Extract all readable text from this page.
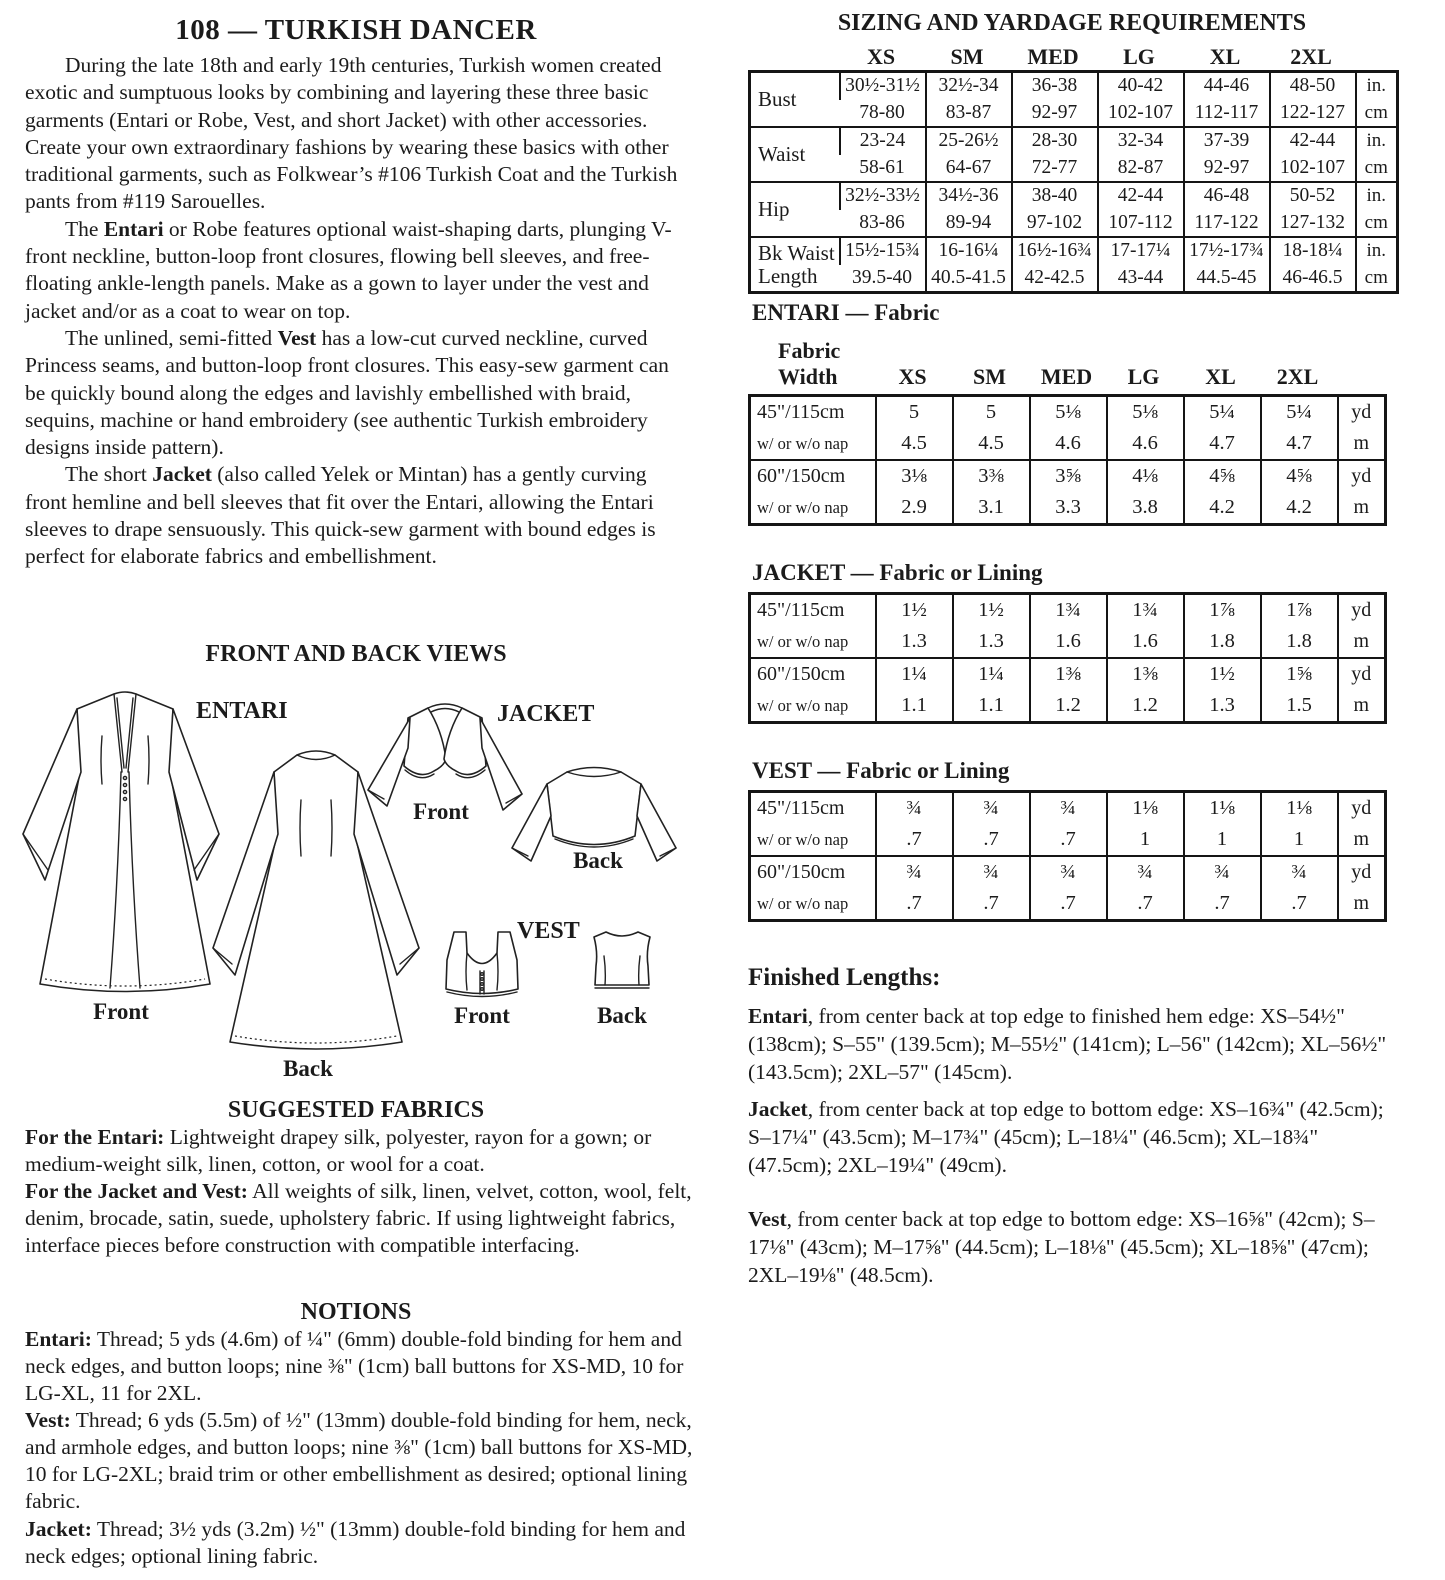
108 — TURKISH DANCER

During the late 18th and early 19th centuries, Turkish women created exotic and sumptuous looks by combining and layering these three basic garments (Entari or Robe, Vest, and short Jacket) with other accessories. Create your own extraordinary fashions by wearing these basics with other traditional garments, such as Folkwear’s #106 Turkish Coat and the Turkish pants from #119 Sarouelles.

The Entari or Robe features optional waist-shaping darts, plunging V-front neckline, button-loop front closures, flowing bell sleeves, and free-floating ankle-length panels. Make as a gown to layer under the vest and jacket and/or as a coat to wear on top.

The unlined, semi-fitted Vest has a low-cut curved neckline, curved Princess seams, and button-loop front closures. This easy-sew garment can be quickly bound along the edges and lavishly embellished with braid, sequins, machine or hand embroidery (see authentic Turkish embroidery designs inside pattern).

The short Jacket (also called Yelek or Mintan) has a gently curving front hemline and bell sleeves that fit over the Entari, allowing the Entari sleeves to drape sensuously. This quick-sew garment with bound edges is perfect for elaborate fabrics and embellishment.

FRONT AND BACK VIEWS
ENTARI
Front
Back
JACKET
Front
Back
VEST
Front	Back
SUGGESTED FABRICS

For the Entari: Lightweight drapey silk, polyester, rayon for a gown; or medium-weight silk, linen, cotton, or wool for a coat.

For the Jacket and Vest: All weights of silk, linen, velvet, cotton, wool, felt, denim, brocade, satin, suede, upholstery fabric. If using lightweight fabrics, interface pieces before construction with compatible interfacing.

NOTIONS

Entari: Thread; 5 yds (4.6m) of ¼" (6mm) double-fold binding for hem and neck edges, and button loops; nine ⅜" (1cm) ball buttons for XS-MD, 10 for LG-XL, 11 for 2XL.

Vest: Thread; 6 yds (5.5m) of ½" (13mm) double-fold binding for hem, neck, and armhole edges, and button loops; nine ⅜" (1cm) ball buttons for XS-MD, 10 for LG-2XL; braid trim or other embellishment as desired; optional lining fabric.

Jacket: Thread; 3½ yds (3.2m) ½" (13mm) double-fold binding for hem and neck edges; optional lining fabric.

SIZING AND YARDAGE REQUIREMENTS
XS	SM	MED	LG	XL	2XL
Bust	30½-31½	32½-34	36-38	40-42	44-46	48-50	in.
	78-80	83-87	92-97	102-107	112-117	122-127	cm

Waist	23-24	25-26½	28-30	32-34	37-39	42-44	in.
	58-61	64-67	72-77	82-87	92-97	102-107	cm

Hip	32½-33½	34½-36	38-40	42-44	46-48	50-52	in.
	83-86	89-94	97-102	107-112	117-122	127-132	cm

Bk Waist
Length	15½-15¾	16-16¼	16½-16¾	17-17¼	17½-17¾	18-18¼	in.
	39.5-40	40.5-41.5	42-42.5	43-44	44.5-45	46-46.5	cm
ENTARI — Fabric
Fabric
Width	XS SM MED LG XL 2XL
45"/115cm	5	5	5⅛	5⅛	5¼	5¼	yd
w/ or w/o nap	4.5	4.5	4.6	4.6	4.7	4.7	m
60"/150cm	3⅛	3⅜	3⅝	4⅛	4⅝	4⅝	yd
w/ or w/o nap	2.9	3.1	3.3	3.8	4.2	4.2	m
JACKET — Fabric or Lining
45"/115cm	1½	1½	1¾	1¾	1⅞	1⅞	yd
w/ or w/o nap	1.3	1.3	1.6	1.6	1.8	1.8	m
60"/150cm	1¼	1¼	1⅜	1⅜	1½	1⅝	yd
w/ or w/o nap	1.1	1.1	1.2	1.2	1.3	1.5	m
VEST — Fabric or Lining
45"/115cm	¾	¾	¾	1⅛	1⅛	1⅛	yd
w/ or w/o nap	.7	.7	.7	1	1	1	m
60"/150cm	¾	¾	¾	¾	¾	¾	yd
w/ or w/o nap	.7	.7	.7	.7	.7	.7	m
Finished Lengths:

Entari, from center back at top edge to finished hem edge: XS–54½" (138cm); S–55" (139.5cm); M–55½" (141cm); L–56" (142cm); XL–56½" (143.5cm); 2XL–57" (145cm).

Jacket, from center back at top edge to bottom edge: XS–16¾" (42.5cm); S–17¼" (43.5cm); M–17¾" (45cm); L–18¼" (46.5cm); XL–18¾" (47.5cm); 2XL–19¼" (49cm).

Vest, from center back at top edge to bottom edge: XS–16⅝" (42cm); S–17⅛" (43cm); M–17⅝" (44.5cm); L–18⅛" (45.5cm); XL–18⅝" (47cm); 2XL–19⅛" (48.5cm).
